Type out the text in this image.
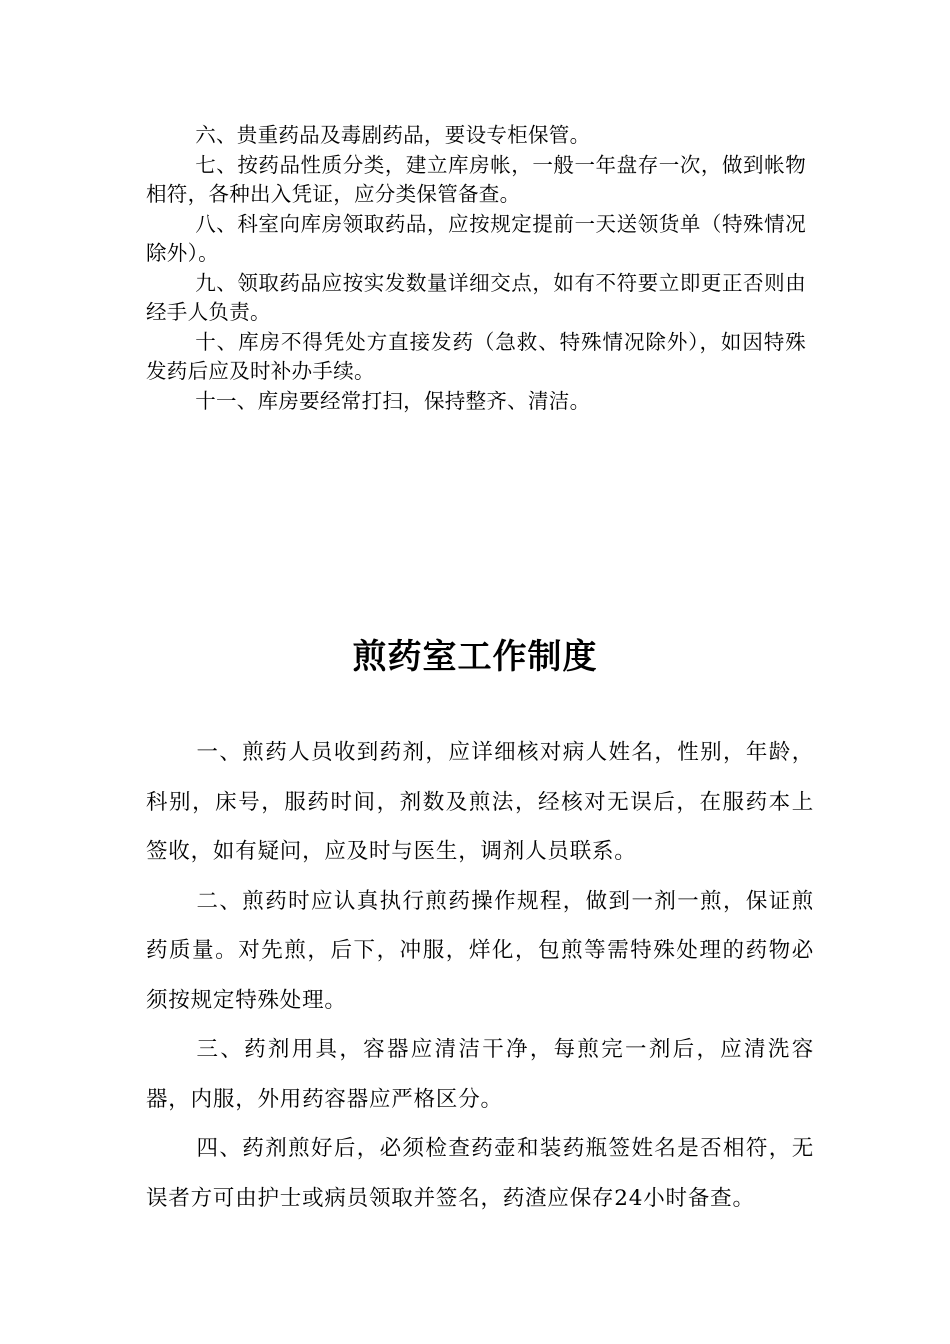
六、贵重药品及毒剧药品，要设专柜保管。

七、按药品性质分类，建立库房帐，一般一年盘存一次，做到帐物相符，各种出入凭证，应分类保管备查。

八、科室向库房领取药品，应按规定提前一天送领货单（特殊情况除外）。

九、领取药品应按实发数量详细交点，如有不符要立即更正否则由经手人负责。

十、库房不得凭处方直接发药（急救、特殊情况除外），如因特殊发药后应及时补办手续。

十一、库房要经常打扫，保持整齐、清洁。

煎药室工作制度

一、煎药人员收到药剂，应详细核对病人姓名，性别，年龄，科别，床号，服药时间，剂数及煎法，经核对无误后，在服药本上签收，如有疑问，应及时与医生，调剂人员联系。

二、煎药时应认真执行煎药操作规程，做到一剂一煎，保证煎药质量。对先煎，后下，冲服，烊化，包煎等需特殊处理的药物必须按规定特殊处理。

三、药剂用具，容器应清洁干净，每煎完一剂后，应清洗容器，内服，外用药容器应严格区分。

四、药剂煎好后，必须检查药壶和装药瓶签姓名是否相符，无误者方可由护士或病员领取并签名，药渣应保存24小时备查。
